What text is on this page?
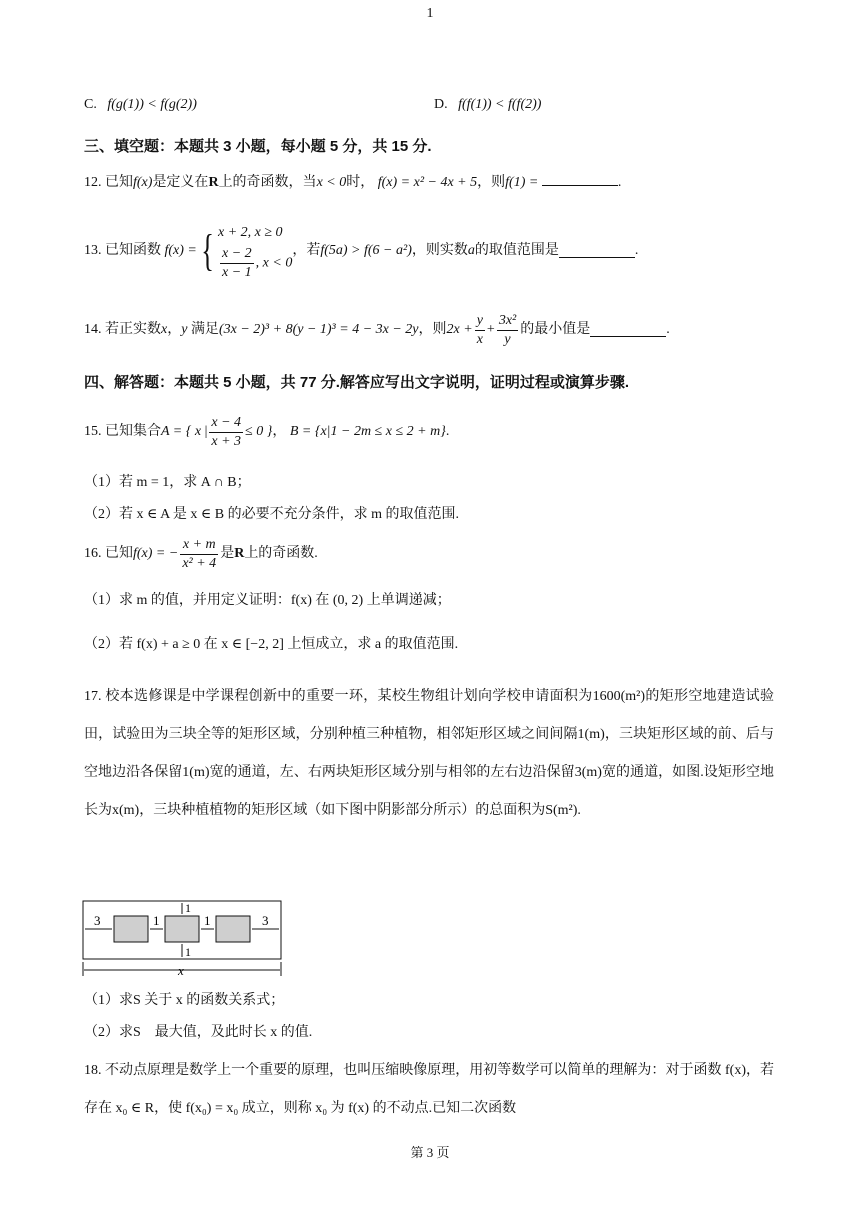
1
C. f(g(1)) < f(g(2))	D. f(f(1)) < f(f(2))
三、填空题：本题共 3 小题，每小题 5 分，共 15 分.
12. 已知f(x)是定义在R上的奇函数，当x < 0时， f(x) = x² − 4x + 5，则f(1) =	.
13.
已知函数 f(x) = { x + 2, x ≥ 0
$\frac{x - 2}{x - 1}$ , x < 0
，若 f(5a) > f(6 − a²) ，则实数 a 的取值范围是	.
14.
若正实数 x ， y
满足 (3x − 2)³ + 8(y − 1)³ = 4 − 3x − 2y ，则 $2x + \frac{y}{x} + \frac{\text{3x²}}{y}$ 的最小值是	.
四、解答题：本题共 5 小题，共 77 分.解答应写出文字说明，证明过程或演算步骤.
15.
已知集合 A = { x | $\frac{x - 4}{x + 3} \le 0$ } ，
B = {x|1 − 2m ≤ x ≤ 2 + m} .
（1）若 m = 1，求 A ∩ B；
（2）若 x ∈ A 是 x ∈ B 的必要不充分条件，求 m 的取值范围.
16.
已知 f(x) = − $\frac{x + m}{\text{x² + 4}}$ 是 R 上的奇函数.
（1）求 m 的值，并用定义证明：f(x) 在 (0, 2) 上单调递减；
（2）若 f(x) + a ≥ 0 在 x ∈ [−2, 2] 上恒成立，求 a 的取值范围.
17. 校本选修课是中学课程创新中的重要一环，某校生物组计划向学校申请面积为1600(m²)的矩形空地建造试验田，试验田为三块全等的矩形区域，分别种植三种植物，相邻矩形区域之间间隔1(m)，三块矩形区域的前、后与空地边沿各保留1(m)宽的通道，左、右两块矩形区域分别与相邻的左右边沿保留3(m)宽的通道，如图.设矩形空地长为x(m)，三块种植植物的矩形区域（如下图中阴影部分所示）的总面积为S(m²).
3	1	1	3
1
1
x
（1）求S 关于 x 的函数关系式；
（2）求S　最大值，及此时长 x 的值.
18. 不动点原理是数学上一个重要的原理，也叫压缩映像原理，用初等数学可以简单的理解为：对于函数 f(x)，若存在 x₀ ∈ R，使 f(x₀) = x₀ 成立，则称 x₀ 为 f(x) 的不动点.已知二次函数
第 3 页
